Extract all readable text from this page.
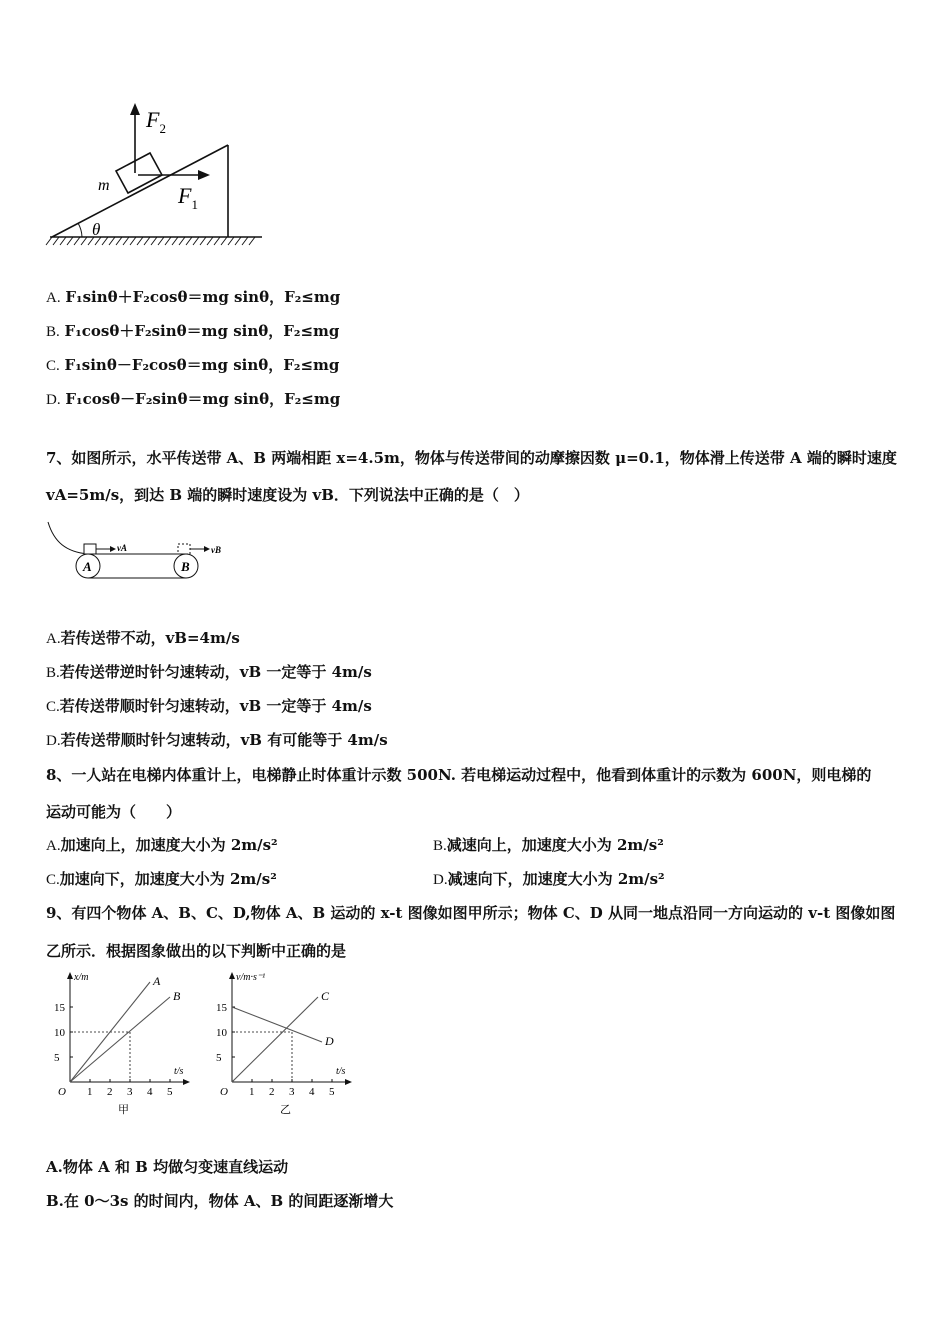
$F_2$
$F_1$
m
θ
A. F₁sinθ＋F₂cosθ＝mg sinθ，F₂≤mg
B. F₁cosθ＋F₂sinθ＝mg sinθ，F₂≤mg
C. F₁sinθ－F₂cosθ＝mg sinθ，F₂≤mg
D. F₁cosθ－F₂sinθ＝mg sinθ，F₂≤mg
7、如图所示，水平传送带 A、B 两端相距 x=4.5m，物体与传送带间的动摩擦因数 μ=0.1，物体滑上传送带 A 端的瞬时速度
vA=5m/s，到达 B 端的瞬时速度设为 vB．下列说法中正确的是（　）
A	B
vA	vB
A.若传送带不动，vB=4m/s
B.若传送带逆时针匀速转动，vB 一定等于 4m/s
C.若传送带顺时针匀速转动，vB 一定等于 4m/s
D.若传送带顺时针匀速转动，vB 有可能等于 4m/s
8、一人站在电梯内体重计上，电梯静止时体重计示数 500N. 若电梯运动过程中，他看到体重计的示数为 600N，则电梯的
运动可能为（　　）
A.加速向上，加速度大小为 2m/s²	B.减速向上，加速度大小为 2m/s²
C.加速向下，加速度大小为 2m/s²	D.减速向下，加速度大小为 2m/s²
9、有四个物体 A、B、C、D,物体 A、B 运动的 x-t 图像如图甲所示；物体 C、D 从同一地点沿同一方向运动的 v-t 图像如图
乙所示．根据图象做出的以下判断中正确的是
1 2 3 4 5
5
10
15
O
x/m
t/s
A
B
甲
1 2 3 4 5
5
10
15
O
v/m·s⁻¹
t/s
C
D
乙
A.物体 A 和 B 均做匀变速直线运动
B.在 0～3s 的时间内，物体 A、B 的间距逐渐增大
